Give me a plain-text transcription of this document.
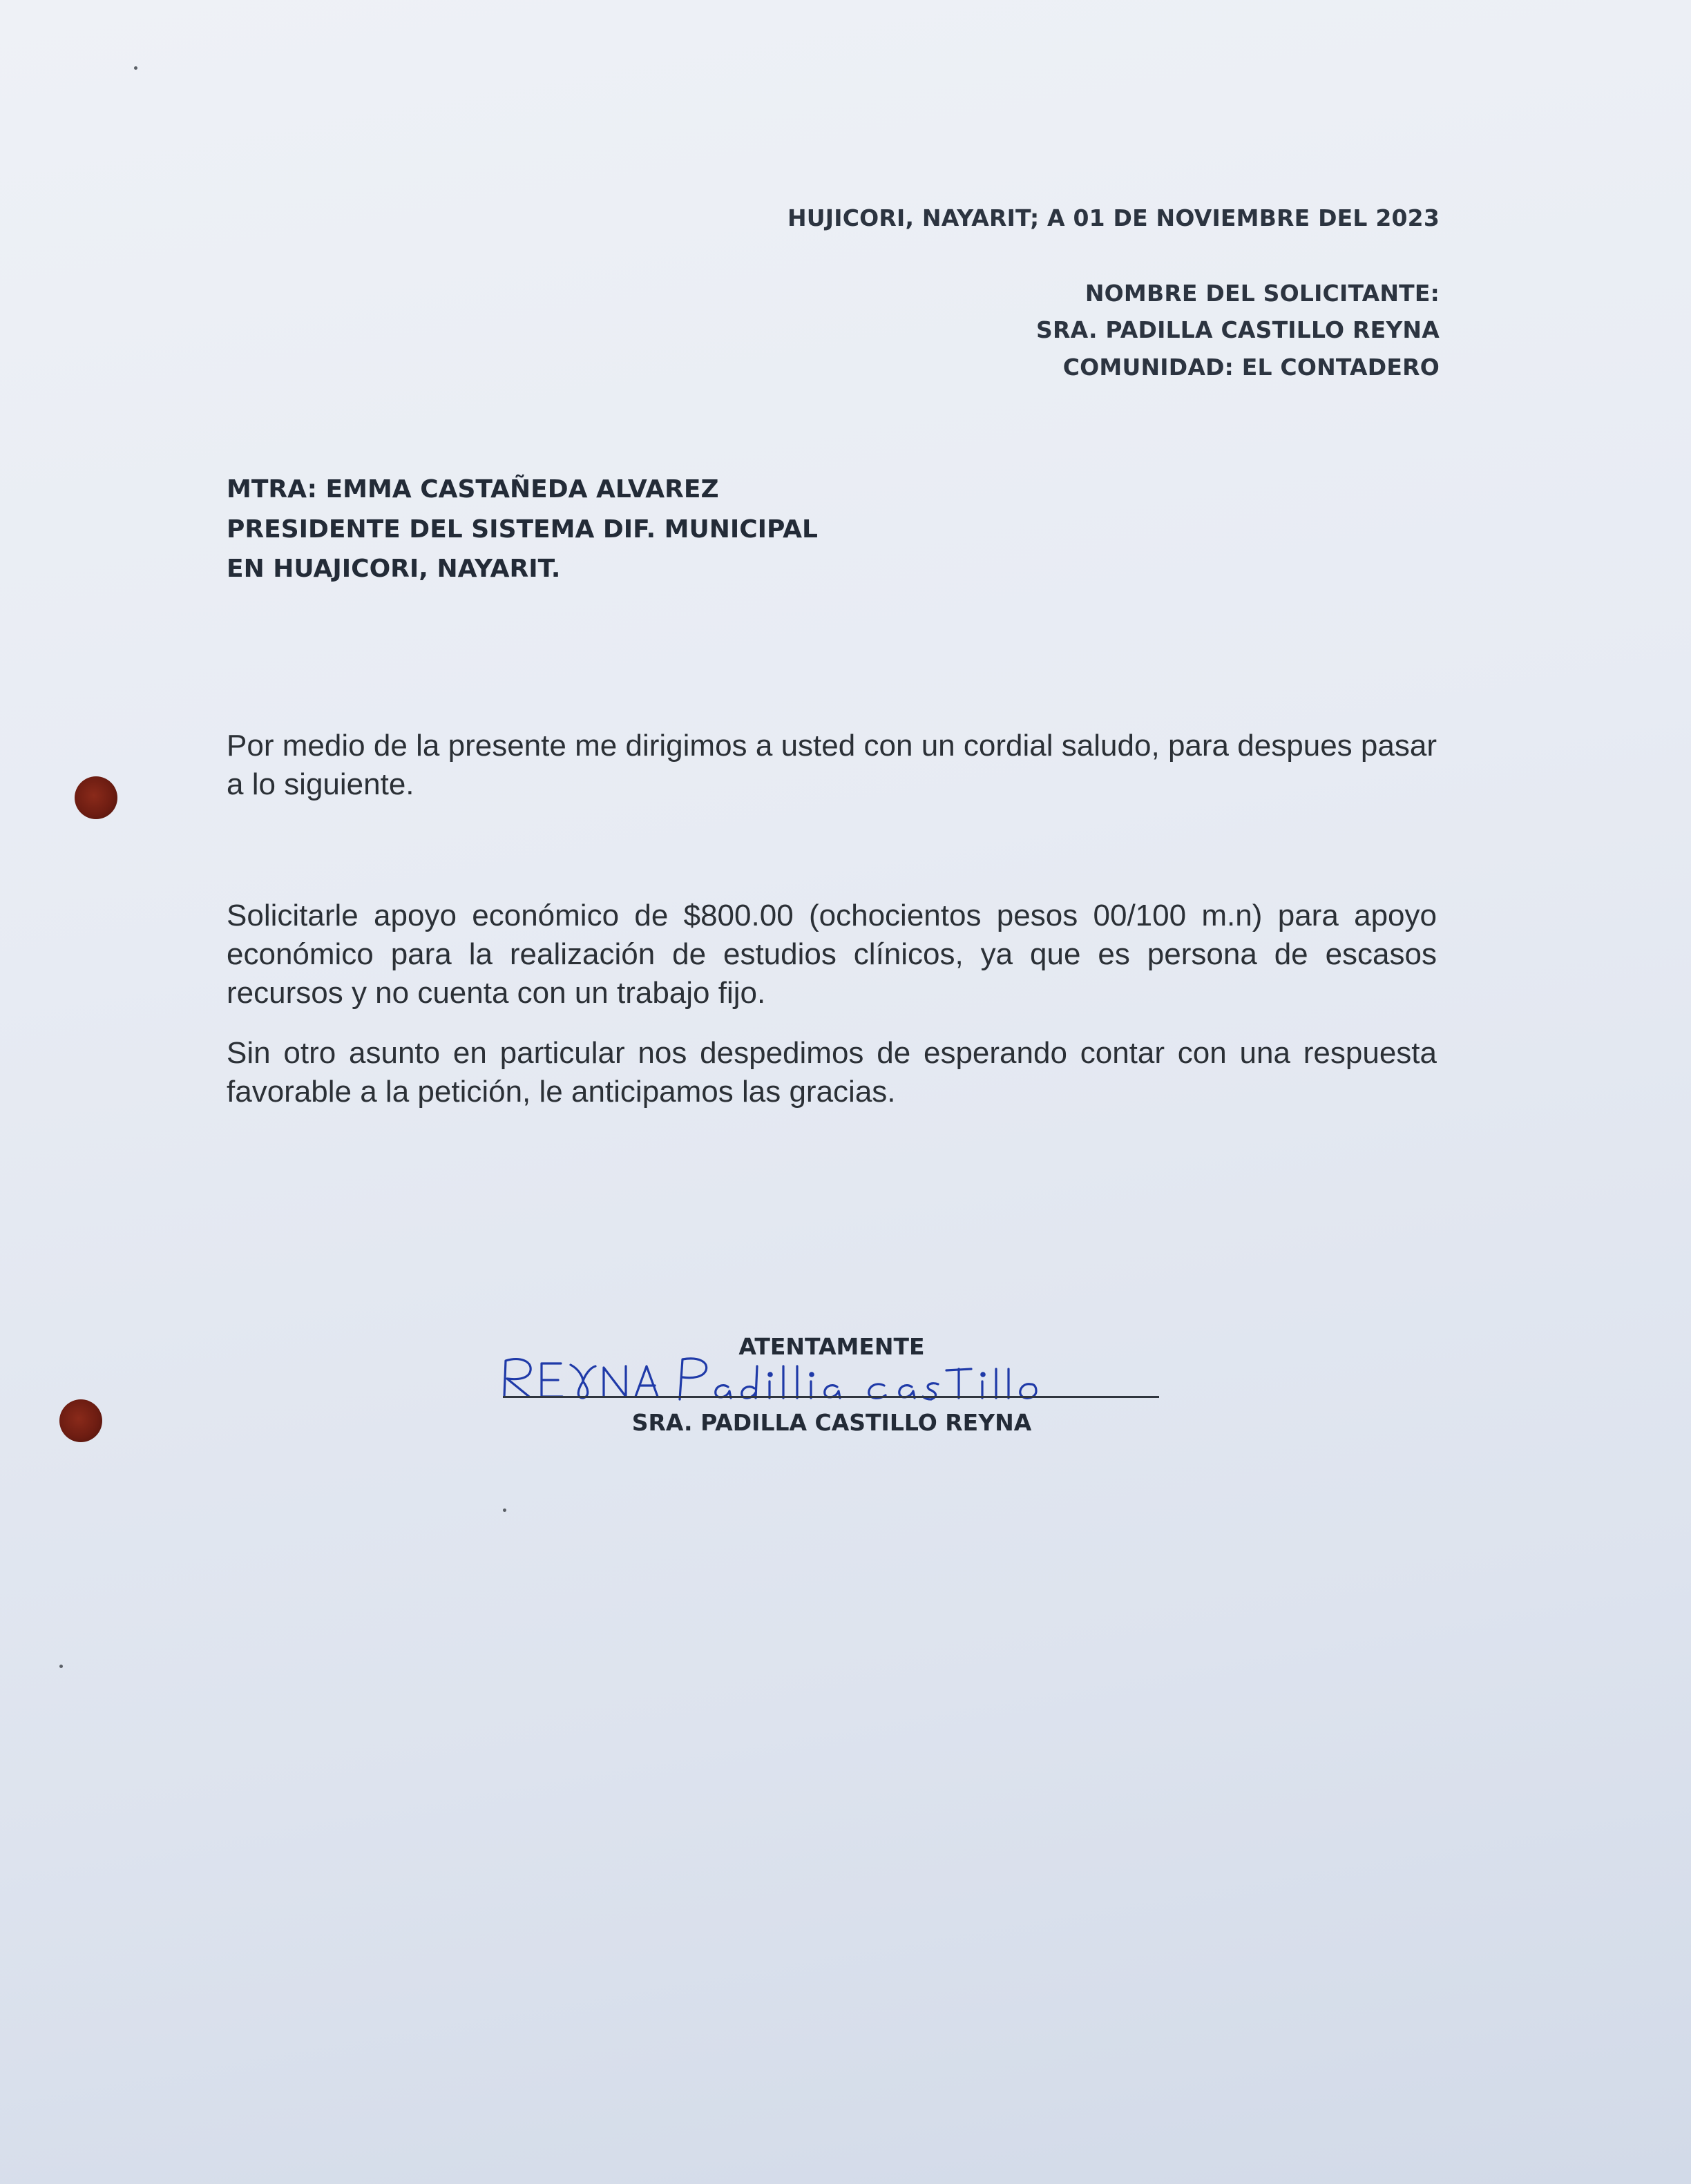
HUJICORI, NAYARIT; A 01 DE NOVIEMBRE DEL 2023
NOMBRE DEL SOLICITANTE:
SRA. PADILLA CASTILLO REYNA
COMUNIDAD: EL CONTADERO
MTRA: EMMA CASTAÑEDA ALVAREZ
PRESIDENTE DEL SISTEMA DIF. MUNICIPAL
EN HUAJICORI, NAYARIT.
Por medio de la presente me dirigimos a usted con un cordial saludo, para despues pasar a lo siguiente.
Solicitarle apoyo económico de $800.00 (ochocientos pesos 00/100 m.n) para apoyo económico para la realización de estudios clínicos, ya que es persona de escasos recursos y no cuenta con un trabajo fijo.
Sin otro asunto en particular nos despedimos de esperando contar con una respuesta favorable a la petición, le anticipamos las gracias.
ATENTAMENTE
SRA. PADILLA CASTILLO REYNA
